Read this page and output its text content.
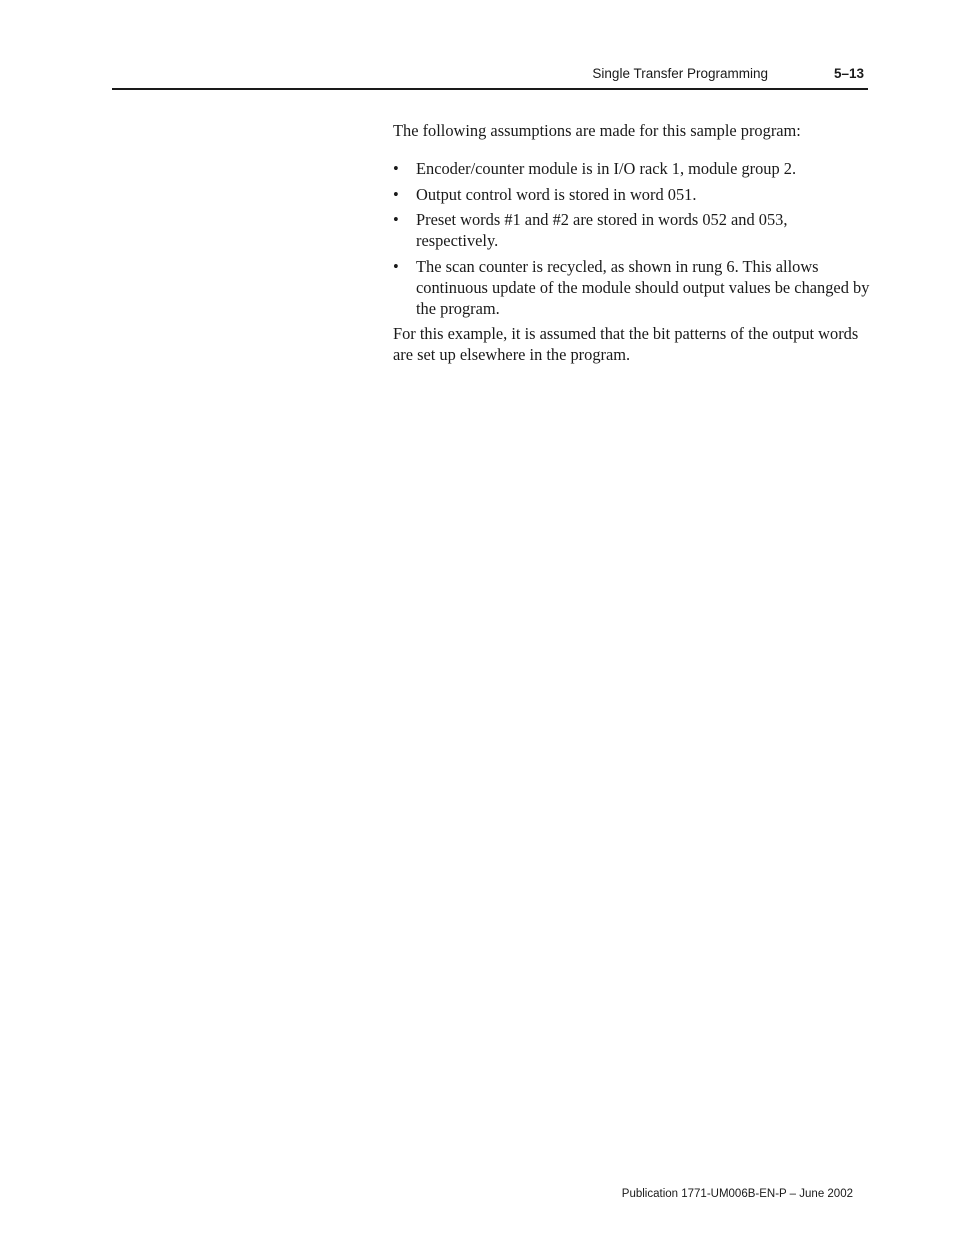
Single Transfer Programming	5–13

The following assumptions are made for this sample program:

• Encoder/counter module is in I/O rack 1, module group 2.
• Output control word is stored in word 051.
• Preset words #1 and #2 are stored in words 052 and 053, respectively.
• The scan counter is recycled, as shown in rung 6. This allows continuous update of the module should output values be changed by the program.

For this example, it is assumed that the bit patterns of the output words are set up elsewhere in the program.

Publication 1771-UM006B-EN-P – June 2002
